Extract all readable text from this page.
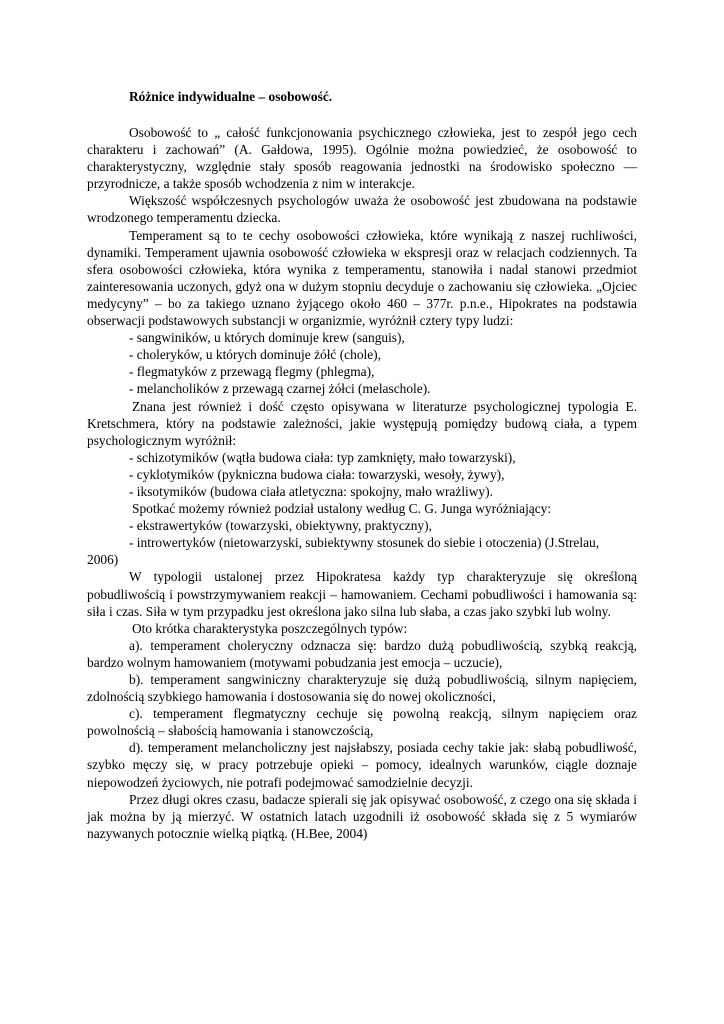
Różnice indywidualne – osobowość.

Osobowość to „ całość funkcjonowania psychicznego człowieka, jest to zespół jego cech charakteru i zachowań” (A. Gałdowa, 1995). Ogólnie można powiedzieć, że osobowość to charakterystyczny, względnie stały sposób reagowania jednostki na środowisko społeczno — przyrodnicze, a także sposób wchodzenia z nim w interakcje.

Większość współczesnych psychologów uważa że osobowość jest zbudowana na podstawie wrodzonego temperamentu dziecka.

Temperament są to te cechy osobowości człowieka, które wynikają z naszej ruchliwości, dynamiki. Temperament ujawnia osobowość człowieka w ekspresji oraz w relacjach codziennych. Ta sfera osobowości człowieka, która wynika z temperamentu, stanowiła i nadal stanowi przedmiot zainteresowania uczonych, gdyż ona w dużym stopniu decyduje o zachowaniu się człowieka. „Ojciec medycyny” – bo za takiego uznano żyjącego około 460 – 377r. p.n.e., Hipokrates na podstawia obserwacji podstawowych substancji w organizmie, wyróżnił cztery typy ludzi:

- sangwiników, u których dominuje krew (sanguis),

- choleryków, u których dominuje żółć (chole),

- flegmatyków z przewagą flegmy (phlegma),

- melancholików z przewagą czarnej żółci (melaschole).

Znana jest również i dość często opisywana w literaturze psychologicznej typologia E. Kretschmera, który na podstawie zależności, jakie występują pomiędzy budową ciała, a typem psychologicznym wyróżnił:

- schizotymików (wątła budowa ciała: typ zamknięty, mało towarzyski),

- cyklotymików (pykniczna budowa ciała: towarzyski, wesoły, żywy),

- iksotymików (budowa ciała atletyczna: spokojny, mało wrażliwy).

Spotkać możemy również podział ustalony według C. G. Junga wyróżniający:

- ekstrawertyków (towarzyski, obiektywny, praktyczny),

- introwertyków (nietowarzyski, subiektywny stosunek do siebie i otoczenia) (J.Strelau,

2006)

W typologii ustalonej przez Hipokratesa każdy typ charakteryzuje się określoną pobudliwością i powstrzymywaniem reakcji – hamowaniem. Cechami pobudliwości i hamowania są: siła i czas. Siła w tym przypadku jest określona jako silna lub słaba, a czas jako szybki lub wolny.

Oto krótka charakterystyka poszczególnych typów:

a). temperament choleryczny odznacza się: bardzo dużą pobudliwością, szybką reakcją, bardzo wolnym hamowaniem (motywami pobudzania jest emocja – uczucie),

b). temperament sangwiniczny charakteryzuje się dużą pobudliwością, silnym napięciem, zdolnością szybkiego hamowania i dostosowania się do nowej okoliczności,

c). temperament flegmatyczny cechuje się powolną reakcją, silnym napięciem oraz powolnością – słabością hamowania i stanowczością,

d). temperament melancholiczny jest najsłabszy, posiada cechy takie jak: słabą pobudliwość, szybko męczy się, w pracy potrzebuje opieki – pomocy, idealnych warunków, ciągle doznaje niepowodzeń życiowych, nie potrafi podejmować samodzielnie decyzji.

Przez długi okres czasu, badacze spierali się jak opisywać osobowość, z czego ona się składa i jak można by ją mierzyć. W ostatnich latach uzgodnili iż osobowość składa się z 5 wymiarów nazywanych potocznie wielką piątką. (H.Bee, 2004)
